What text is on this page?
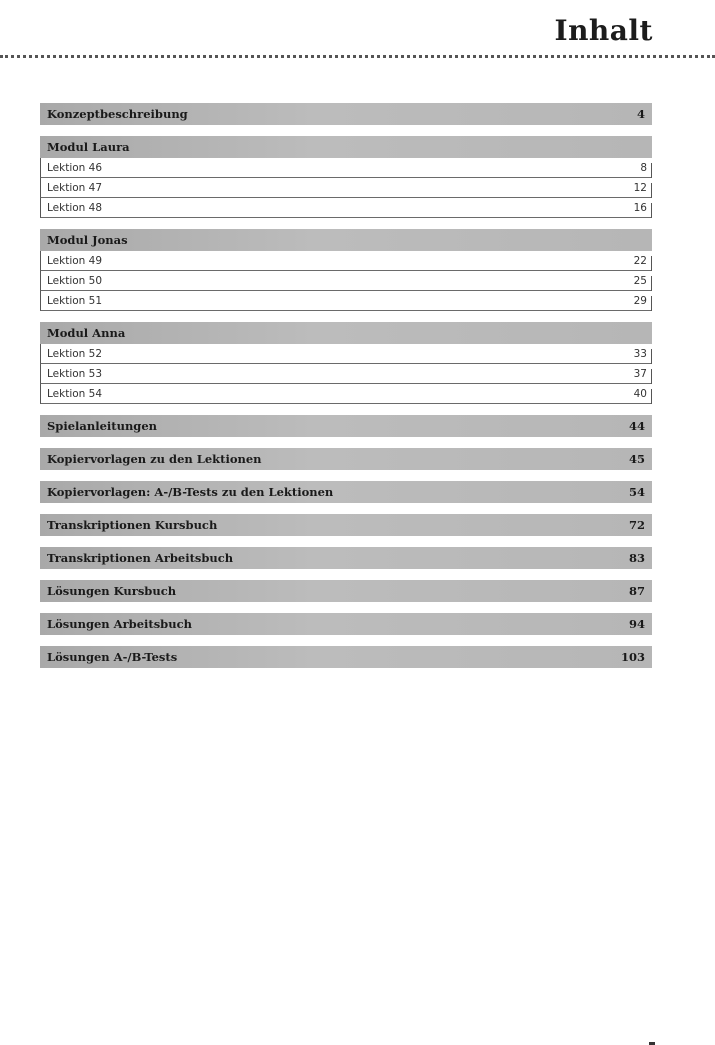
Inhalt
Konzeptbeschreibung	4
Modul Laura
Lektion 46	8
Lektion 47	12
Lektion 48	16
Modul Jonas
Lektion 49	22
Lektion 50	25
Lektion 51	29
Modul Anna
Lektion 52	33
Lektion 53	37
Lektion 54	40
Spielanleitungen	44
Kopiervorlagen zu den Lektionen	45
Kopiervorlagen: A-/B-Tests zu den Lektionen	54
Transkriptionen Kursbuch	72
Transkriptionen Arbeitsbuch	83
Lösungen Kursbuch	87
Lösungen Arbeitsbuch	94
Lösungen A-/B-Tests	103
